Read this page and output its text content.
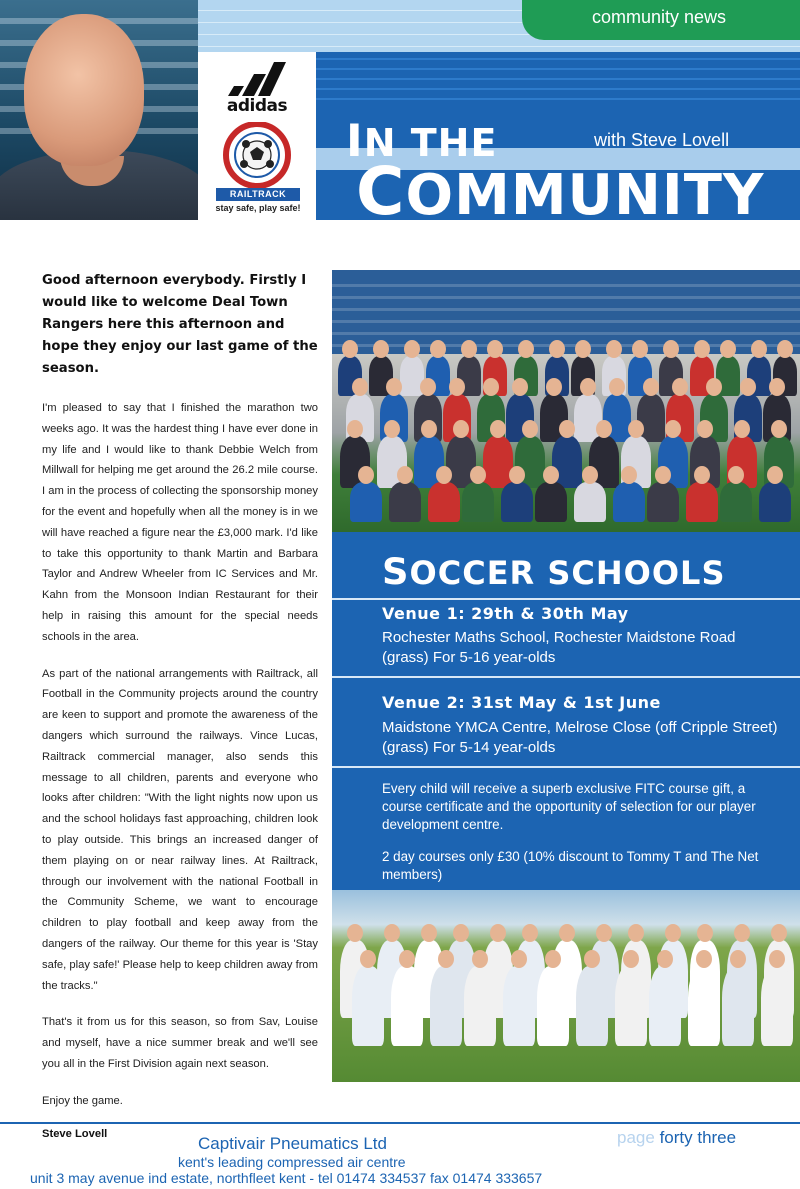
community news
adidas
RAILTRACK
stay safe, play safe!
IN THE	with Steve Lovell
COMMUNITY

Good afternoon everybody. Firstly I would like to welcome Deal Town Rangers here this afternoon and hope they enjoy our last game of the season.

I'm pleased to say that I finished the marathon two weeks ago. It was the hardest thing I have ever done in my life and I would like to thank Debbie Welch from Millwall for helping me get around the 26.2 mile course. I am in the process of collecting the sponsorship money for the event and hopefully when all the money is in we will have reached a figure near the £3,000 mark. I'd like to take this opportunity to thank Martin and Barbara Taylor and Andrew Wheeler from IC Services and Mr. Kahn from the Monsoon Indian Restaurant for their help in raising this amount for the special needs schools in the area.

As part of the national arrangements with Railtrack, all Football in the Community projects around the country are keen to support and promote the awareness of the dangers which surround the railways. Vince Lucas, Railtrack commercial manager, also sends this message to all children, parents and everyone who looks after children: "With the light nights now upon us and the school holidays fast approaching, children look to play outside. This brings an increased danger of them playing on or near railway lines. At Railtrack, through our involvement with the national Football in the Community Scheme, we want to encourage children to play football and keep away from the dangers of the railway. Our theme for this year is 'Stay safe, play safe!' Please help to keep children away from the tracks."

That's it from us for this season, so from Sav, Louise and myself, have a nice summer break and we'll see you all in the First Division again next season.

Enjoy the game.

Steve Lovell

SOCCER SCHOOLS
Venue 1: 29th & 30th May
Rochester Maths School, Rochester Maidstone Road (grass) For 5-16 year-olds
Venue 2: 31st May & 1st June
Maidstone YMCA Centre, Melrose Close (off Cripple Street) (grass) For 5-14 year-olds
Every child will receive a superb exclusive FITC course gift, a course certificate and the opportunity of selection for our player development centre.
2 day courses only £30 (10% discount to Tommy T and The Net members)
Captivair Pneumatics Ltd
kent's leading compressed air centre
unit 3 may avenue ind estate, northfleet kent - tel 01474 334537 fax 01474 333657
page forty three
